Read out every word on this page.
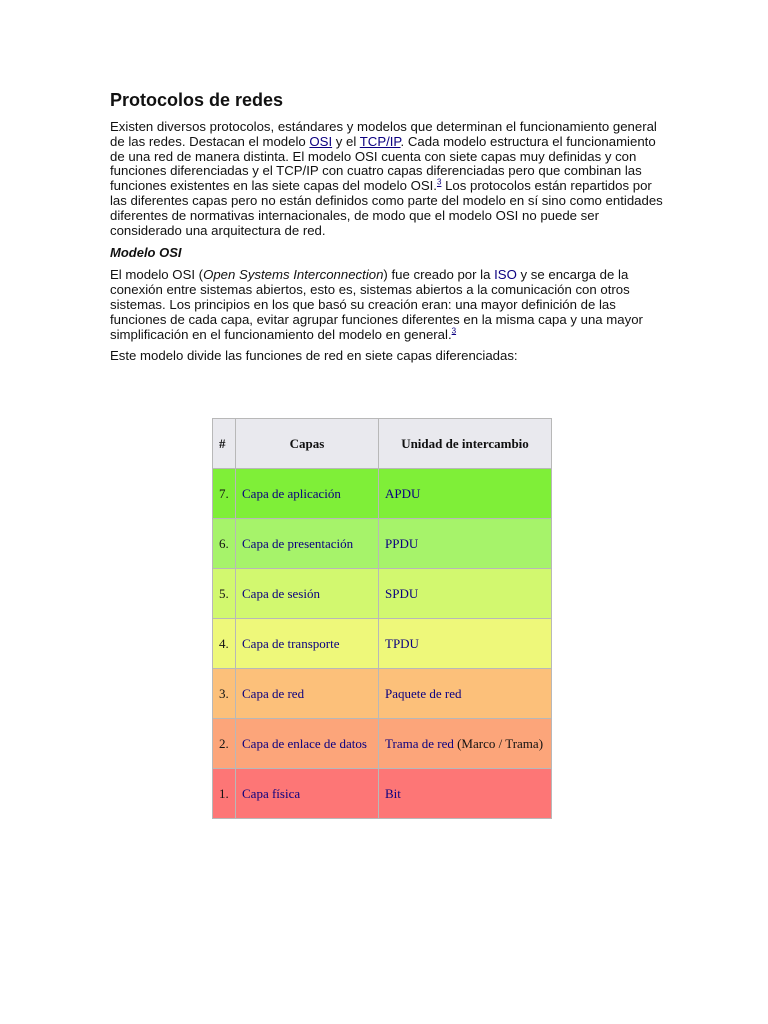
Protocolos de redes

Existen diversos protocolos, estándares y modelos que determinan el funcionamiento general de las redes. Destacan el modelo OSI y el TCP/IP. Cada modelo estructura el funcionamiento de una red de manera distinta. El modelo OSI cuenta con siete capas muy definidas y con funciones diferenciadas y el TCP/IP con cuatro capas diferenciadas pero que combinan las funciones existentes en las siete capas del modelo OSI.$^3$ Los protocolos están repartidos por las diferentes capas pero no están definidos como parte del modelo en sí sino como entidades diferentes de normativas internacionales, de modo que el modelo OSI no puede ser considerado una arquitectura de red.

Modelo OSI

El modelo OSI (Open Systems Interconnection) fue creado por la ISO y se encarga de la conexión entre sistemas abiertos, esto es, sistemas abiertos a la comunicación con otros sistemas. Los principios en los que basó su creación eran: una mayor definición de las funciones de cada capa, evitar agrupar funciones diferentes en la misma capa y una mayor simplificación en el funcionamiento del modelo en general.$^3$

Este modelo divide las funciones de red en siete capas diferenciadas:

#	Capas	Unidad de intercambio
7.	Capa de aplicación	APDU
6.	Capa de presentación	PPDU
5.	Capa de sesión	SPDU
4.	Capa de transporte	TPDU
3.	Capa de red	Paquete de red
2.	Capa de enlace de datos	Trama de red (Marco / Trama)
1.	Capa física	Bit
